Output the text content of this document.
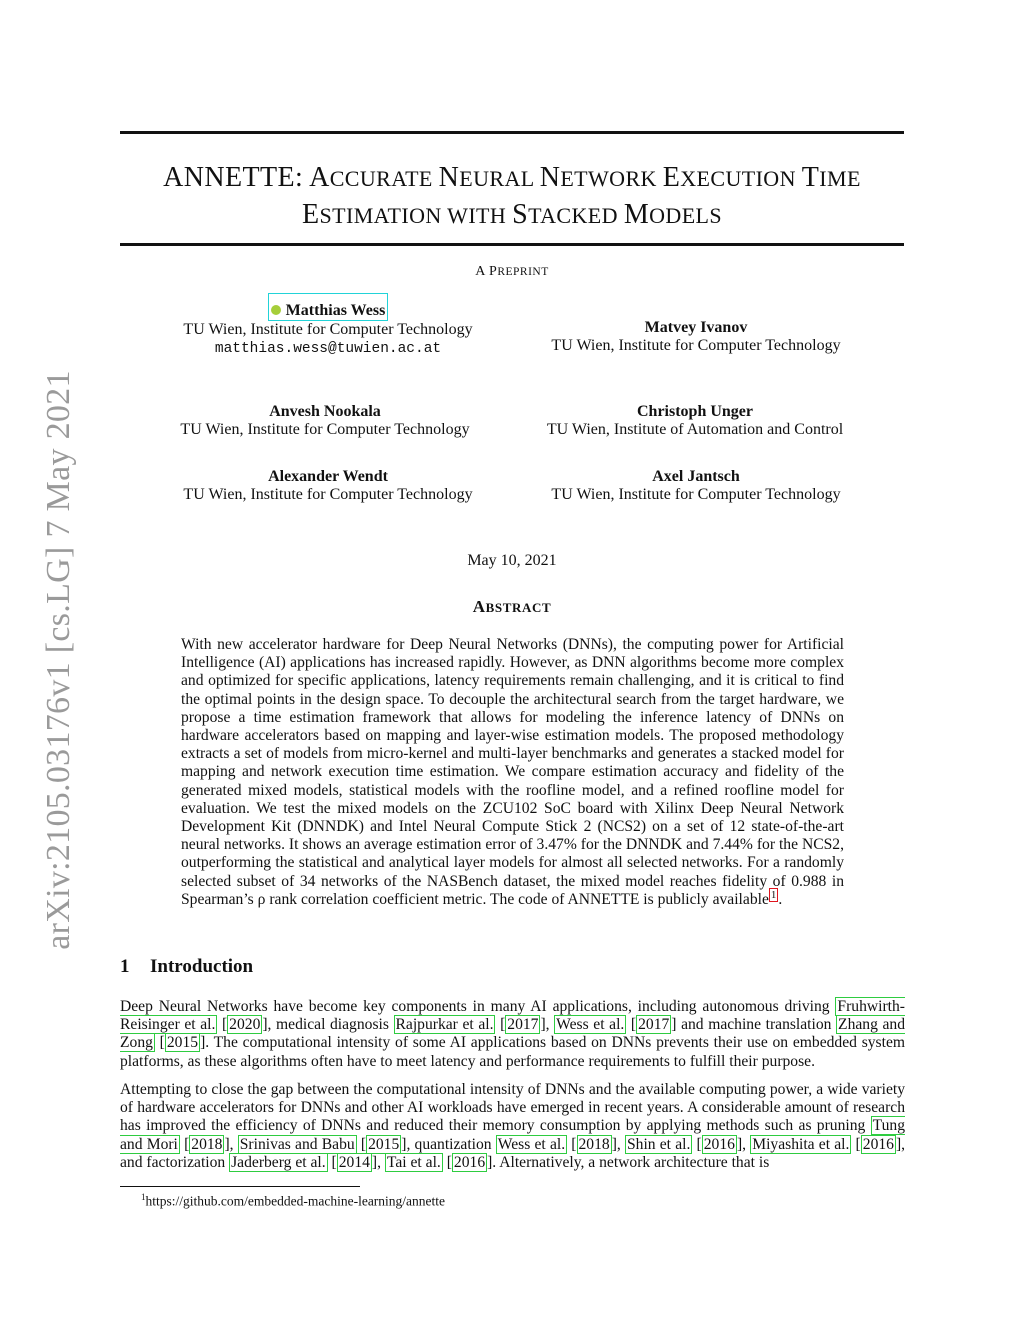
arXiv:2105.03176v1 [cs.LG] 7 May 2021
ANNETTE: ACCURATE NEURAL NETWORK EXECUTION TIME
ESTIMATION WITH STACKED MODELS
A PREPRINT
Matthias Wess
TU Wien, Institute for Computer Technology
matthias.wess@tuwien.ac.at
Matvey Ivanov
TU Wien, Institute for Computer Technology
Anvesh Nookala
TU Wien, Institute for Computer Technology
Christoph Unger
TU Wien, Institute of Automation and Control
Alexander Wendt
TU Wien, Institute for Computer Technology
Axel Jantsch
TU Wien, Institute for Computer Technology
May 10, 2021
ABSTRACT
With new accelerator hardware for Deep Neural Networks (DNNs), the computing power for Artificial Intelligence (AI) applications has increased rapidly. However, as DNN algorithms become more complex and optimized for specific applications, latency requirements remain challenging, and it is critical to find the optimal points in the design space. To decouple the architectural search from the target hardware, we propose a time estimation framework that allows for modeling the inference latency of DNNs on hardware accelerators based on mapping and layer-wise estimation models. The proposed methodology extracts a set of models from micro-kernel and multi-layer benchmarks and generates a stacked model for mapping and network execution time estimation. We compare estimation accuracy and fidelity of the generated mixed models, statistical models with the roofline model, and a refined roofline model for evaluation. We test the mixed models on the ZCU102 SoC board with Xilinx Deep Neural Network Development Kit (DNNDK) and Intel Neural Compute Stick 2 (NCS2) on a set of 12 state-of-the-art neural networks. It shows an average estimation error of 3.47% for the DNNDK and 7.44% for the NCS2, outperforming the statistical and analytical layer models for almost all selected networks. For a randomly selected subset of 34 networks of the NASBench dataset, the mixed model reaches fidelity of 0.988 in Spearman’s ρ rank correlation coefficient metric. The code of ANNETTE is publicly available $^1$ .
1 Introduction
Deep Neural Networks have become key components in many AI applications, including autonomous driving Fruhwirth-Reisinger et al. [ 2020 ], medical diagnosis Rajpurkar et al. [ 2017 ], Wess et al. [ 2017 ] and machine translation Zhang and Zong [ 2015 ]. The computational intensity of some AI applications based on DNNs prevents their use on embedded system platforms, as these algorithms often have to meet latency and performance requirements to fulfill their purpose.
Attempting to close the gap between the computational intensity of DNNs and the available computing power, a wide variety of hardware accelerators for DNNs and other AI workloads have emerged in recent years. A considerable amount of research has improved the efficiency of DNNs and reduced their memory consumption by applying methods such as pruning Tung and Mori [ 2018 ], Srinivas and Babu [ 2015 ], quantization Wess et al. [ 2018 ], Shin et al. [ 2016 ], Miyashita et al. [ 2016 ], and factorization Jaderberg et al. [ 2014 ], Tai et al. [ 2016 ]. Alternatively, a network architecture that is
$^1$https://github.com/embedded-machine-learning/annette
